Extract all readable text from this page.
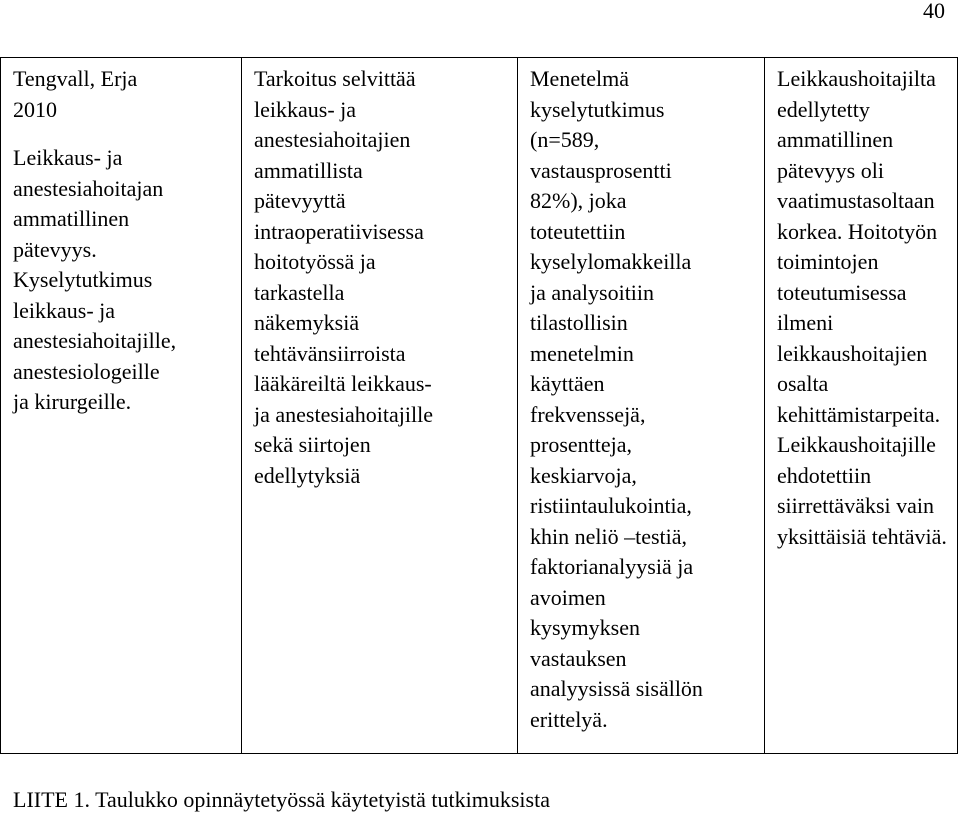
40

Tengvall, Erja
2010

Leikkaus- ja
anestesiahoitajan
ammatillinen
pätevyys.
Kyselytutkimus
leikkaus- ja
anestesiahoitajille,
anestesiologeille
ja kirurgeille.

Tarkoitus selvittää
leikkaus- ja
anestesiahoitajien
ammatillista
pätevyyttä
intraoperatiivisessa
hoitotyössä ja
tarkastella
näkemyksiä
tehtävänsiirroista
lääkäreiltä leikkaus-
ja anestesiahoitajille
sekä siirtojen
edellytyksiä

Menetelmä
kyselytutkimus
(n=589,
vastausprosentti
82%), joka
toteutettiin
kyselylomakkeilla
ja analysoitiin
tilastollisin
menetelmin
käyttäen
frekvenssejä,
prosentteja,
keskiarvoja,
ristiintaulukointia,
khin neliö –testiä,
faktorianalyysiä ja
avoimen
kysymyksen
vastauksen
analyysissä sisällön
erittelyä.

Leikkaushoitajilta
edellytetty
ammatillinen
pätevyys oli
vaatimustasoltaan
korkea. Hoitotyön
toimintojen
toteutumisessa
ilmeni
leikkaushoitajien
osalta
kehittämistarpeita.
Leikkaushoitajille
ehdotettiin
siirrettäväksi vain
yksittäisiä tehtäviä.

LIITE 1. Taulukko opinnäytetyössä käytetyistä tutkimuksista
